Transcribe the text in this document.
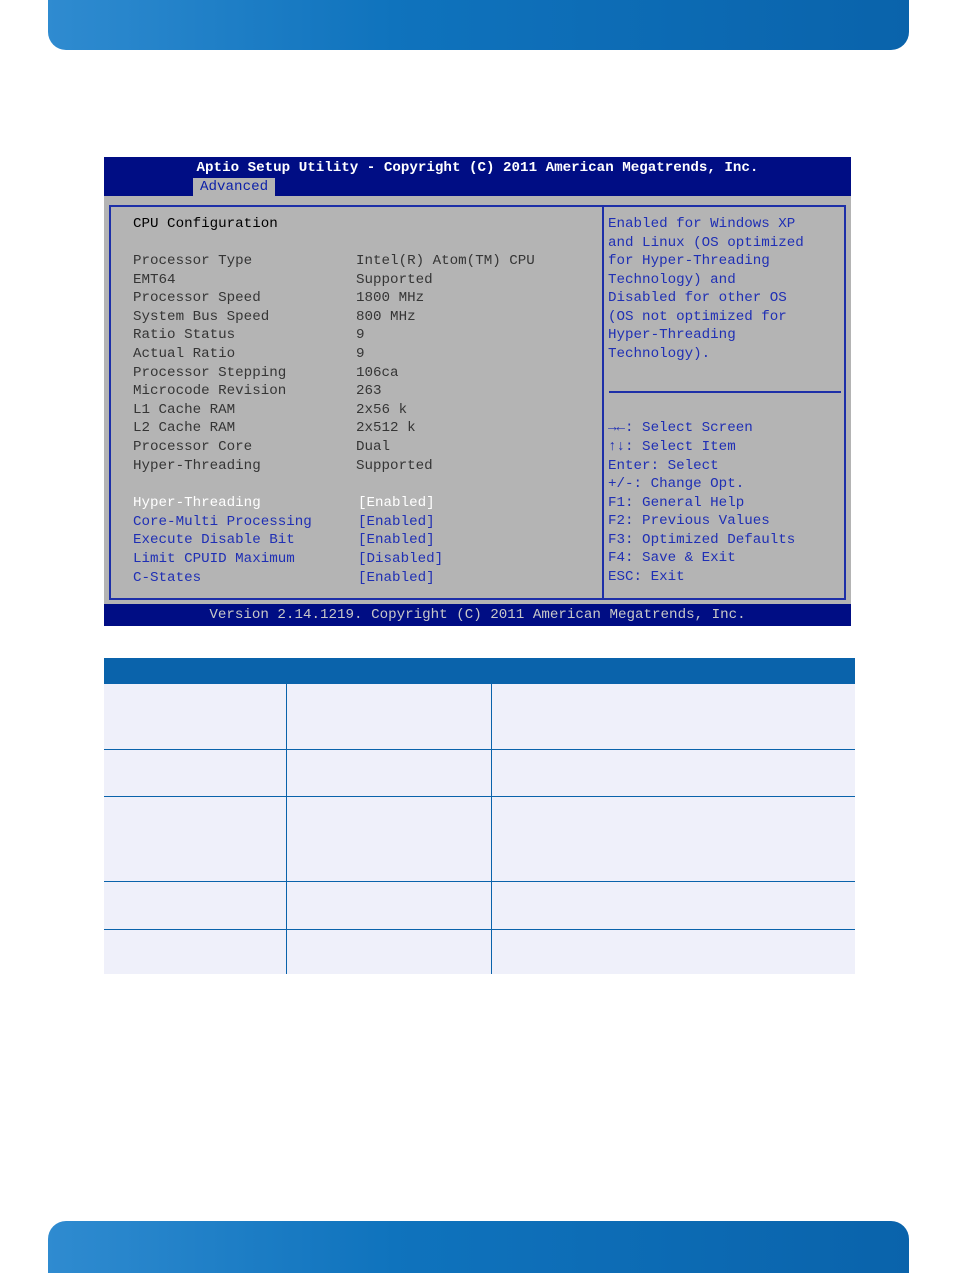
Aptio Setup Utility - Copyright (C) 2011 American Megatrends, Inc.
Advanced
CPU Configuration
Processor Type	Intel(R) Atom(TM) CPU
EMT64	Supported
Processor Speed	1800 MHz
System Bus Speed	800 MHz
Ratio Status	9
Actual Ratio	9
Processor Stepping	106ca
Microcode Revision	263
L1 Cache RAM	2x56 k
L2 Cache RAM	2x512 k
Processor Core	Dual
Hyper-Threading	Supported
Hyper-Threading	[Enabled]
Core-Multi Processing	[Enabled]
Execute Disable Bit	[Enabled]
Limit CPUID Maximum	[Disabled]
C-States	[Enabled]
Enabled for Windows XP
and Linux (OS optimized
for Hyper-Threading
Technology) and
Disabled for other OS
(OS not optimized for
Hyper-Threading
Technology).
→←: Select Screen
↑↓: Select Item
Enter: Select
+/-: Change Opt.
F1: General Help
F2: Previous Values
F3: Optimized Defaults
F4: Save & Exit
ESC: Exit
Version 2.14.1219. Copyright (C) 2011 American Megatrends, Inc.
